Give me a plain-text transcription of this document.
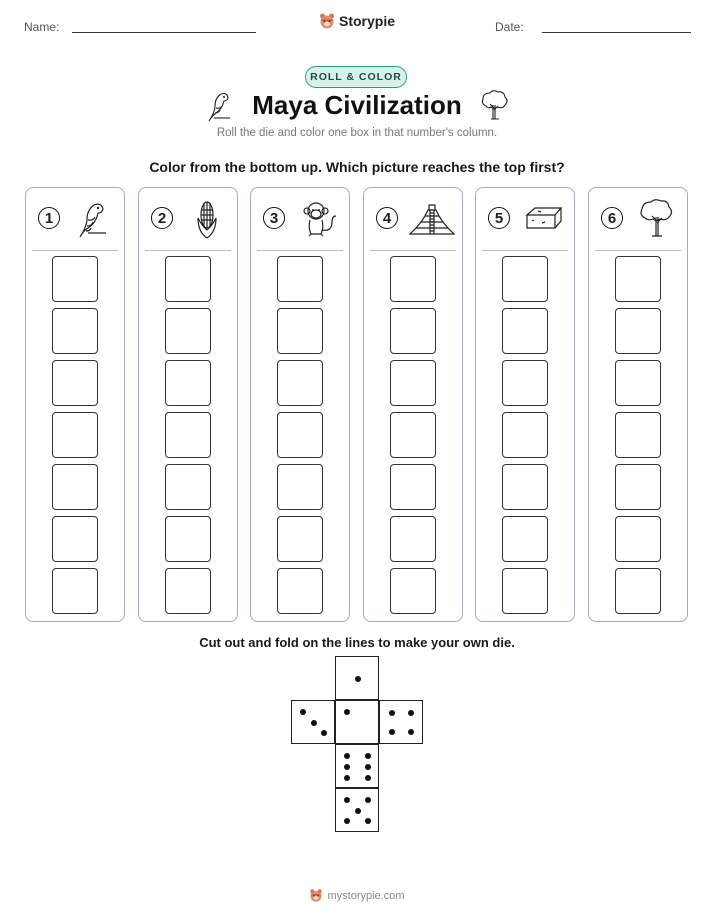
Name:	Storypie	Date:
ROLL & COLOR
Maya Civilization
Roll the die and color one box in that number's column.
Color from the bottom up. Which picture reaches the top first?
1	2	3	4	5	6
Cut out and fold on the lines to make your own die.
mystorypie.com
